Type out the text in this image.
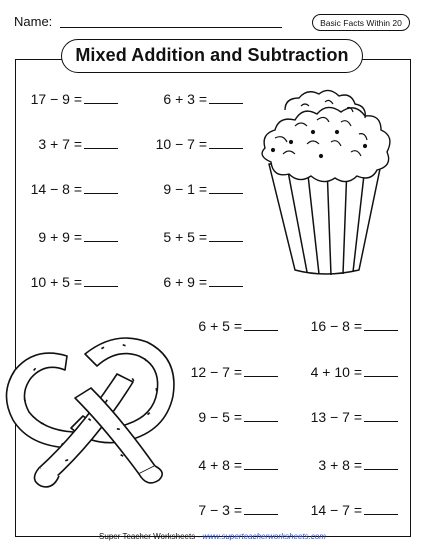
Name:	Basic Facts Within 20
Mixed Addition and Subtraction
17 − 9 =	6 + 3 =
3 + 7 =	10 − 7 =
14 − 8 =	9 − 1 =
9 + 9 =	5 + 5 =
10 + 5 =	6 + 9 =
6 + 5 =	16 − 8 =
12 − 7 =	4 + 10 =
9 − 5 =	13 − 7 =
4 + 8 =	3 + 8 =
7 − 3 =	14 − 7 =
Super Teacher Worksheets - www.superteacherworksheets.com
